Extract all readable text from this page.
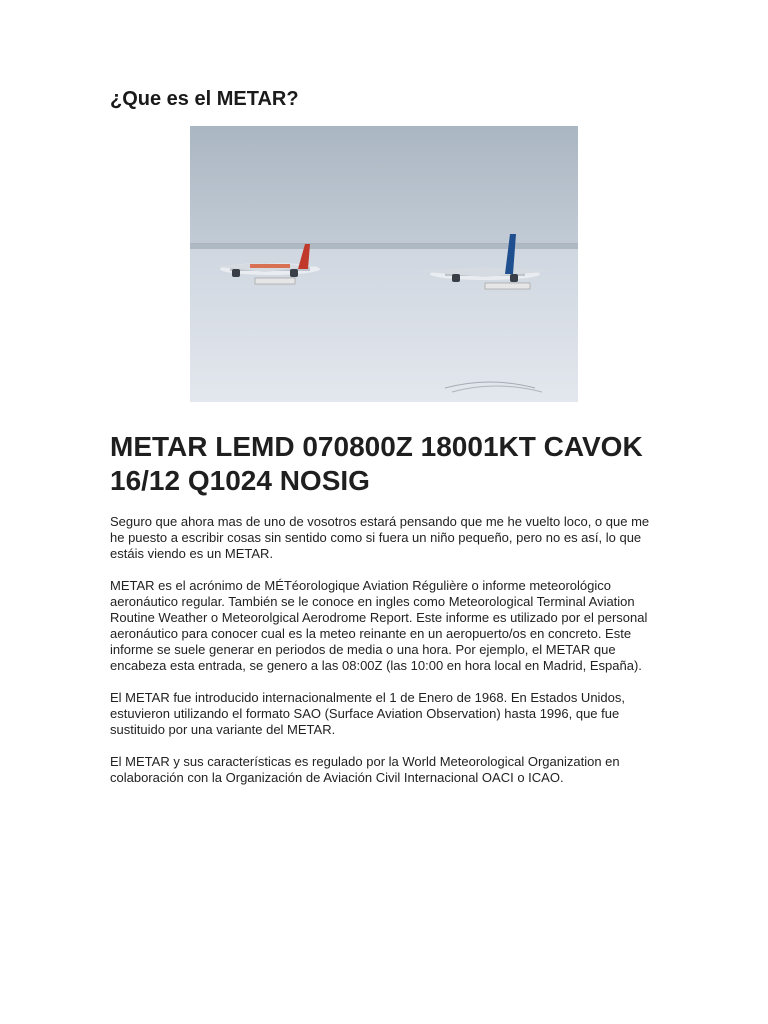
¿Que es el METAR?
METAR LEMD 070800Z 18001KT CAVOK 16/12 Q1024 NOSIG

Seguro que ahora mas de uno de vosotros estará pensando que me he vuelto loco, o que me he puesto a escribir cosas sin sentido como si fuera un niño pequeño, pero no es así, lo que estáis viendo es un METAR.

METAR es el acrónimo de MÉTéorologique Aviation Régulière o informe meteorológico aeronáutico regular. También se le conoce en ingles como Meteorological Terminal Aviation Routine Weather o Meteorolgical Aerodrome Report. Este informe es utilizado por el personal aeronáutico para conocer cual es la meteo reinante en un aeropuerto/os en concreto. Este informe se suele generar en periodos de media o una hora. Por ejemplo, el METAR que encabeza esta entrada, se genero a las 08:00Z (las 10:00 en hora local en Madrid, España).

El METAR fue introducido internacionalmente el 1 de Enero de 1968. En Estados Unidos, estuvieron utilizando el formato SAO (Surface Aviation Observation) hasta 1996, que fue sustituido por una variante del METAR.

El METAR y sus características es regulado por la World Meteorological Organization en colaboración con la Organización de Aviación Civil Internacional OACI o ICAO.
